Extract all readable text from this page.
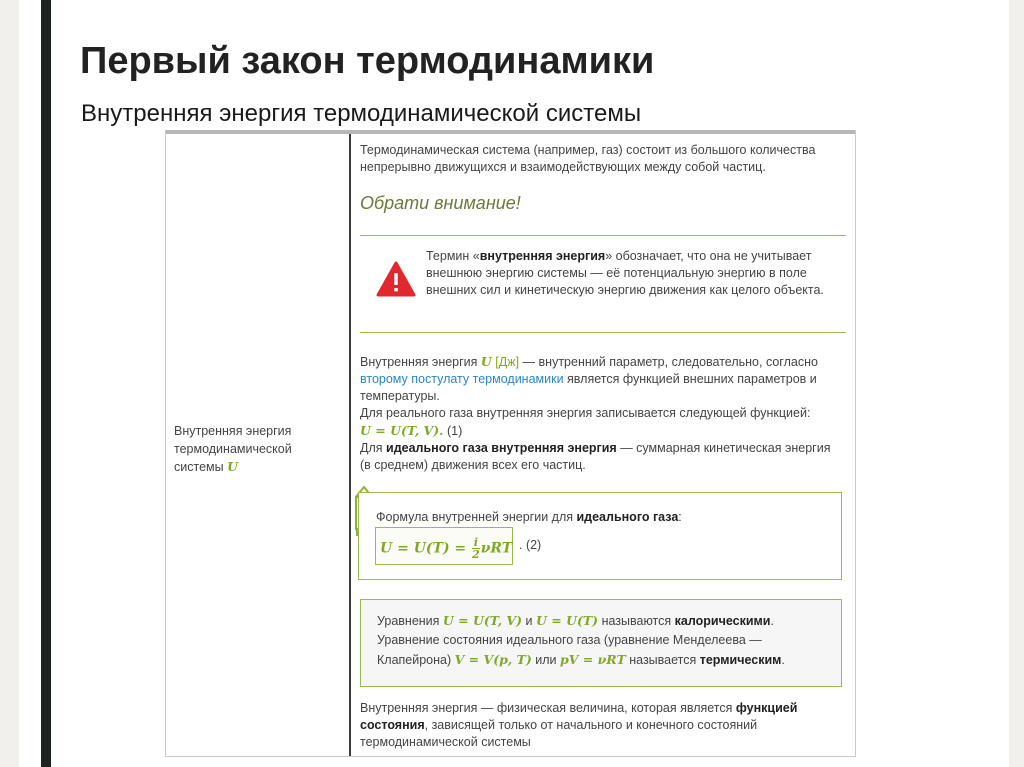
Первый закон термодинамики
Внутренняя энергия термодинамической системы
Внутренняя энергия термодинамической системы U
Термодинамическая система (например, газ) состоит из большого количества непрерывно движущихся и взаимодействующих между собой частиц.
Обрати внимание!
Термин «внутренняя энергия» обозначает, что она не учитывает внешнюю энергию системы — её потенциальную энергию в поле внешних сил и кинетическую энергию движения как целого объекта.
Внутренняя энергия U [Дж] — внутренний параметр, следовательно, согласно второму постулату термодинамики является функцией внешних параметров и температуры.
Для реального газа внутренняя энергия записывается следующей функцией:
U = U(T, V). (1)
Для идеального газа внутренняя энергия — суммарная кинетическая энергия (в среднем) движения всех его частиц.
Формула внутренней энергии для идеального газа:
$U = U(T) = \frac{i}{2}$ νRT . (2)
Уравнения U = U(T, V) и U = U(T) называются калорическими.
Уравнение состояния идеального газа (уравнение Менделеева — Клапейрона) V = V(p, T) или pV = νRT называется термическим.
Внутренняя энергия — физическая величина, которая является функцией состояния, зависящей только от начального и конечного состояний термодинамической системы
